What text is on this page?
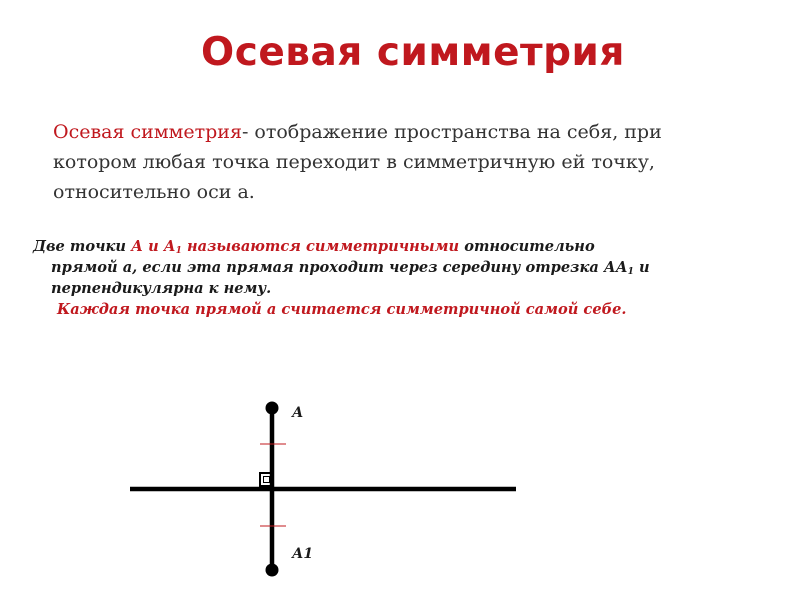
Осевая симметрия

Осевая симметрия- отображение пространства на себя, при котором любая точка переходит в симметричную ей точку, относительно оси а.

Две точки А и $А_1$ называются симметричными относительно
прямой а, если эта прямая проходит через середину отрезка $АА_1$ и
перпендикулярна к нему.

Каждая точка прямой а считается симметричной самой себе.

А
А1
